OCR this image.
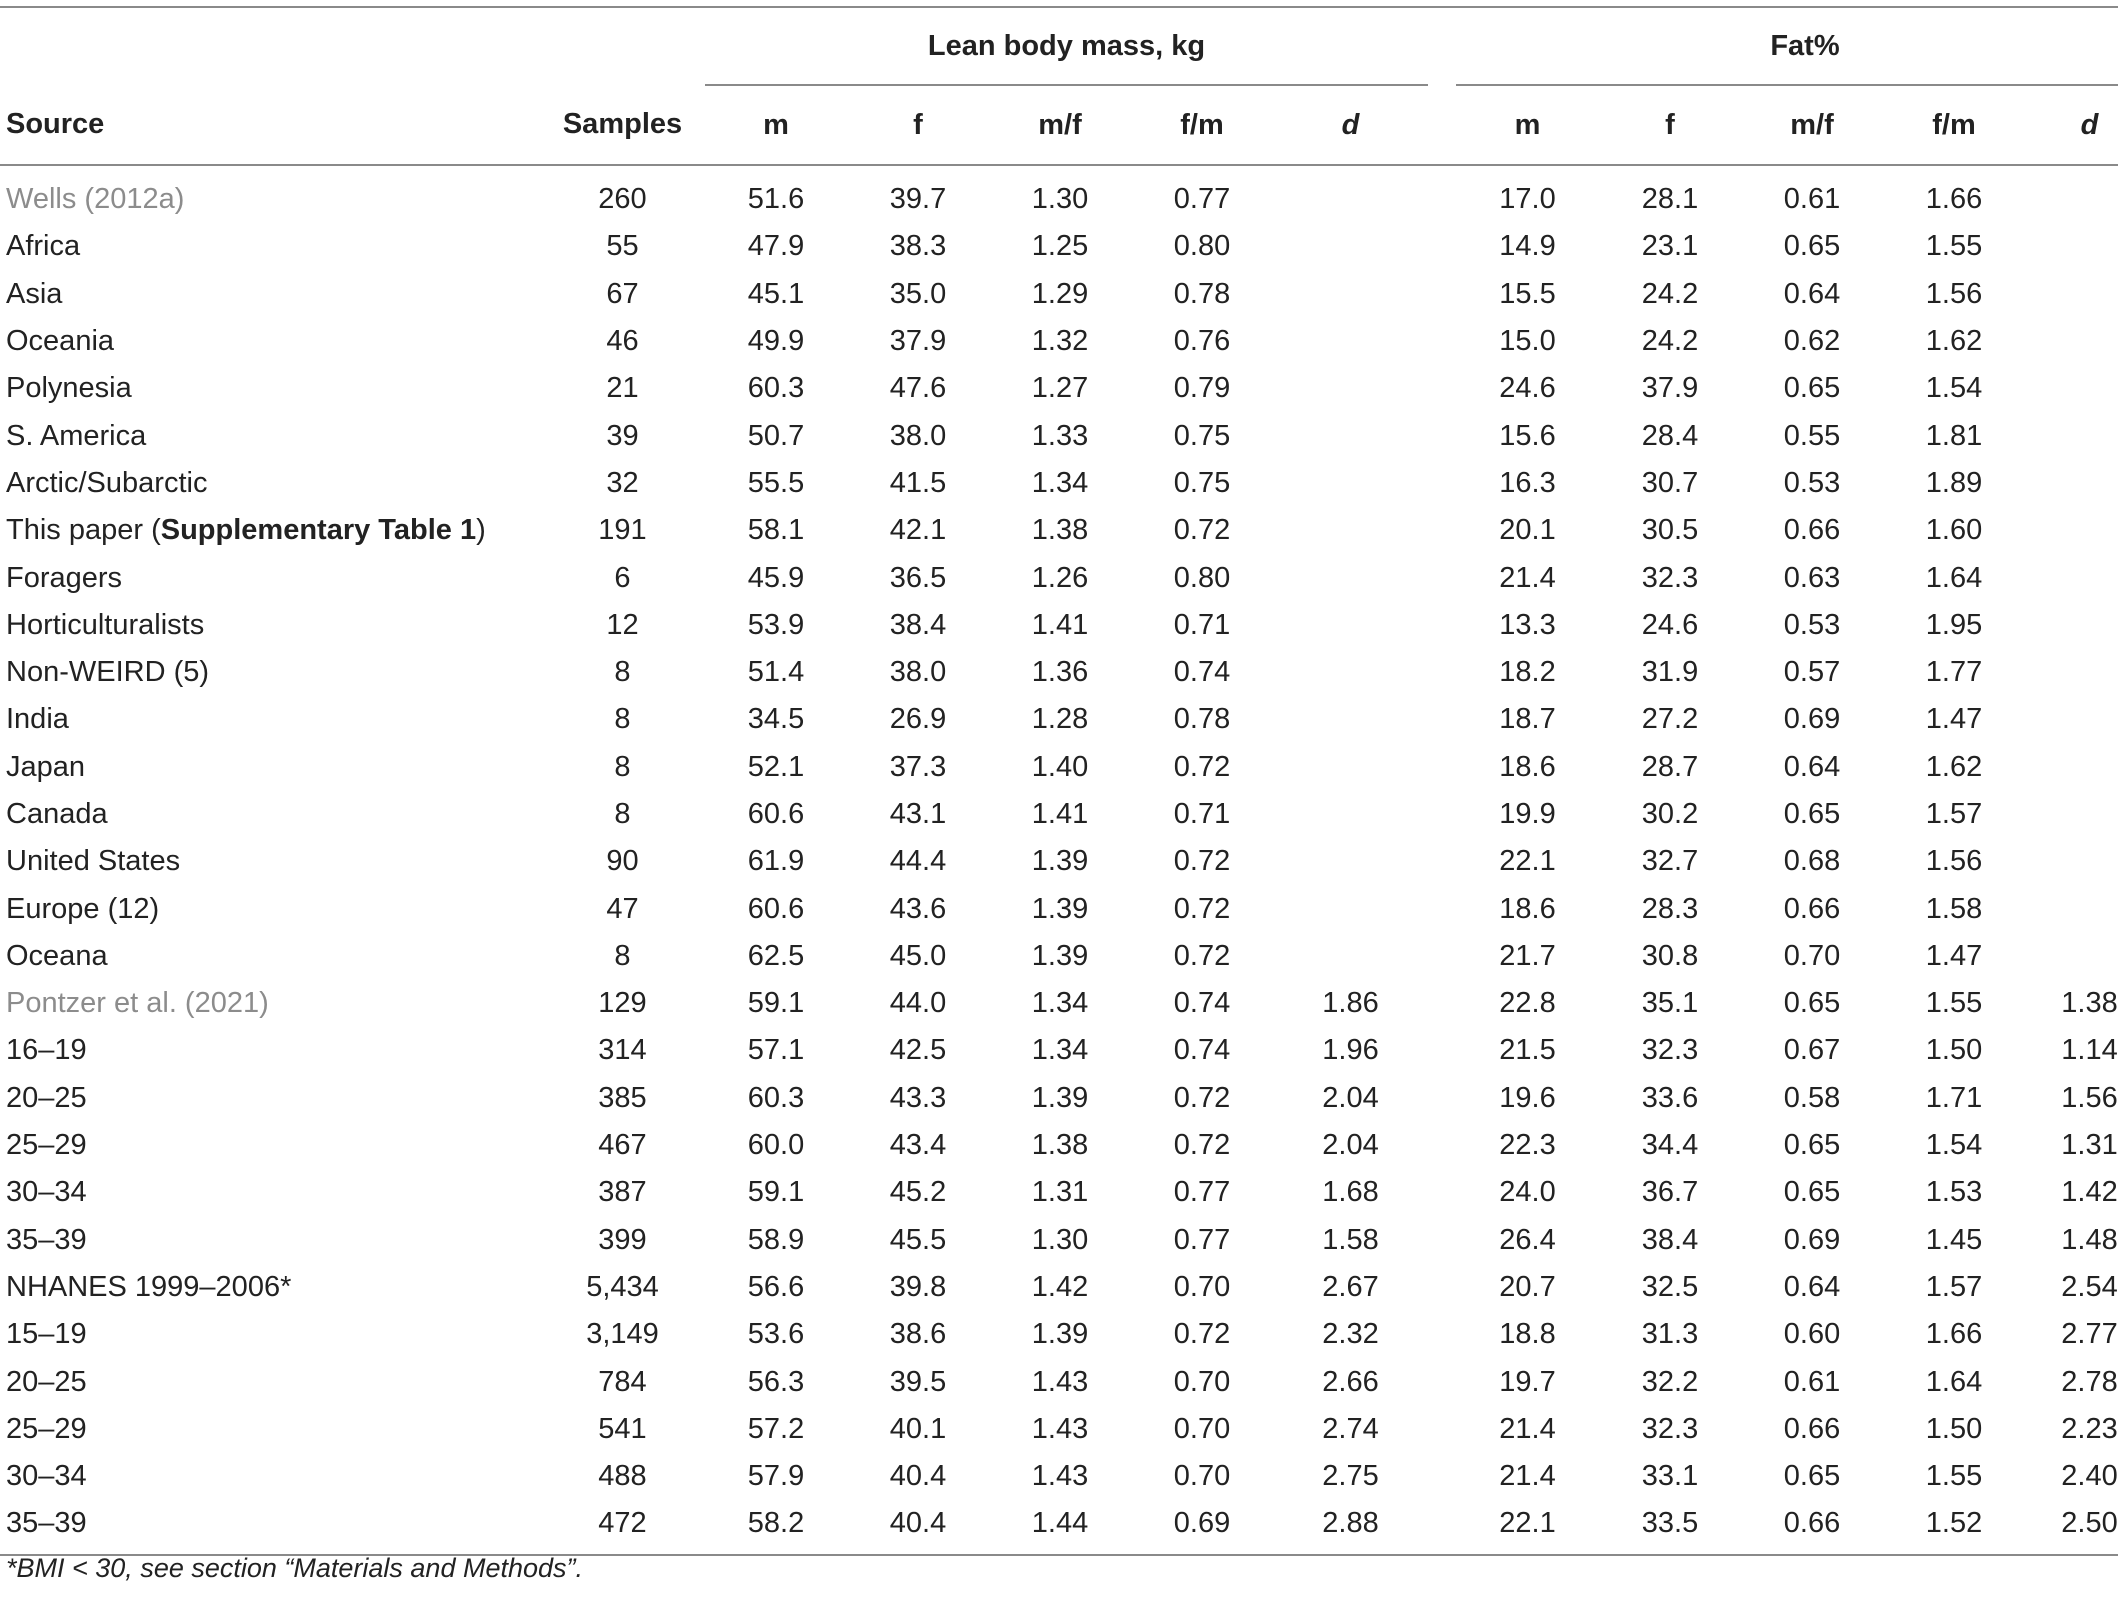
		Lean body mass, kg						Fat%				
Source	Samples	m	f	m/f	f/m	d		m	f	m/f	f/m	d
Wells (2012a)	260	51.6	39.7	1.30	0.77			17.0	28.1	0.61	1.66	
Africa	55	47.9	38.3	1.25	0.80			14.9	23.1	0.65	1.55	
Asia	67	45.1	35.0	1.29	0.78			15.5	24.2	0.64	1.56	
Oceania	46	49.9	37.9	1.32	0.76			15.0	24.2	0.62	1.62	
Polynesia	21	60.3	47.6	1.27	0.79			24.6	37.9	0.65	1.54	
S. America	39	50.7	38.0	1.33	0.75			15.6	28.4	0.55	1.81	
Arctic/Subarctic	32	55.5	41.5	1.34	0.75			16.3	30.7	0.53	1.89	
This paper (Supplementary Table 1)	191	58.1	42.1	1.38	0.72			20.1	30.5	0.66	1.60	
Foragers	6	45.9	36.5	1.26	0.80			21.4	32.3	0.63	1.64	
Horticulturalists	12	53.9	38.4	1.41	0.71			13.3	24.6	0.53	1.95	
Non-WEIRD (5)	8	51.4	38.0	1.36	0.74			18.2	31.9	0.57	1.77	
India	8	34.5	26.9	1.28	0.78			18.7	27.2	0.69	1.47	
Japan	8	52.1	37.3	1.40	0.72			18.6	28.7	0.64	1.62	
Canada	8	60.6	43.1	1.41	0.71			19.9	30.2	0.65	1.57	
United States	90	61.9	44.4	1.39	0.72			22.1	32.7	0.68	1.56	
Europe (12)	47	60.6	43.6	1.39	0.72			18.6	28.3	0.66	1.58	
Oceana	8	62.5	45.0	1.39	0.72			21.7	30.8	0.70	1.47	
Pontzer et al. (2021)	129	59.1	44.0	1.34	0.74	1.86		22.8	35.1	0.65	1.55	1.38
16–19	314	57.1	42.5	1.34	0.74	1.96		21.5	32.3	0.67	1.50	1.14
20–25	385	60.3	43.3	1.39	0.72	2.04		19.6	33.6	0.58	1.71	1.56
25–29	467	60.0	43.4	1.38	0.72	2.04		22.3	34.4	0.65	1.54	1.31
30–34	387	59.1	45.2	1.31	0.77	1.68		24.0	36.7	0.65	1.53	1.42
35–39	399	58.9	45.5	1.30	0.77	1.58		26.4	38.4	0.69	1.45	1.48
NHANES 1999–2006*	5,434	56.6	39.8	1.42	0.70	2.67		20.7	32.5	0.64	1.57	2.54
15–19	3,149	53.6	38.6	1.39	0.72	2.32		18.8	31.3	0.60	1.66	2.77
20–25	784	56.3	39.5	1.43	0.70	2.66		19.7	32.2	0.61	1.64	2.78
25–29	541	57.2	40.1	1.43	0.70	2.74		21.4	32.3	0.66	1.50	2.23
30–34	488	57.9	40.4	1.43	0.70	2.75		21.4	33.1	0.65	1.55	2.40
35–39	472	58.2	40.4	1.44	0.69	2.88		22.1	33.5	0.66	1.52	2.50
*BMI < 30, see section “Materials and Methods”.
